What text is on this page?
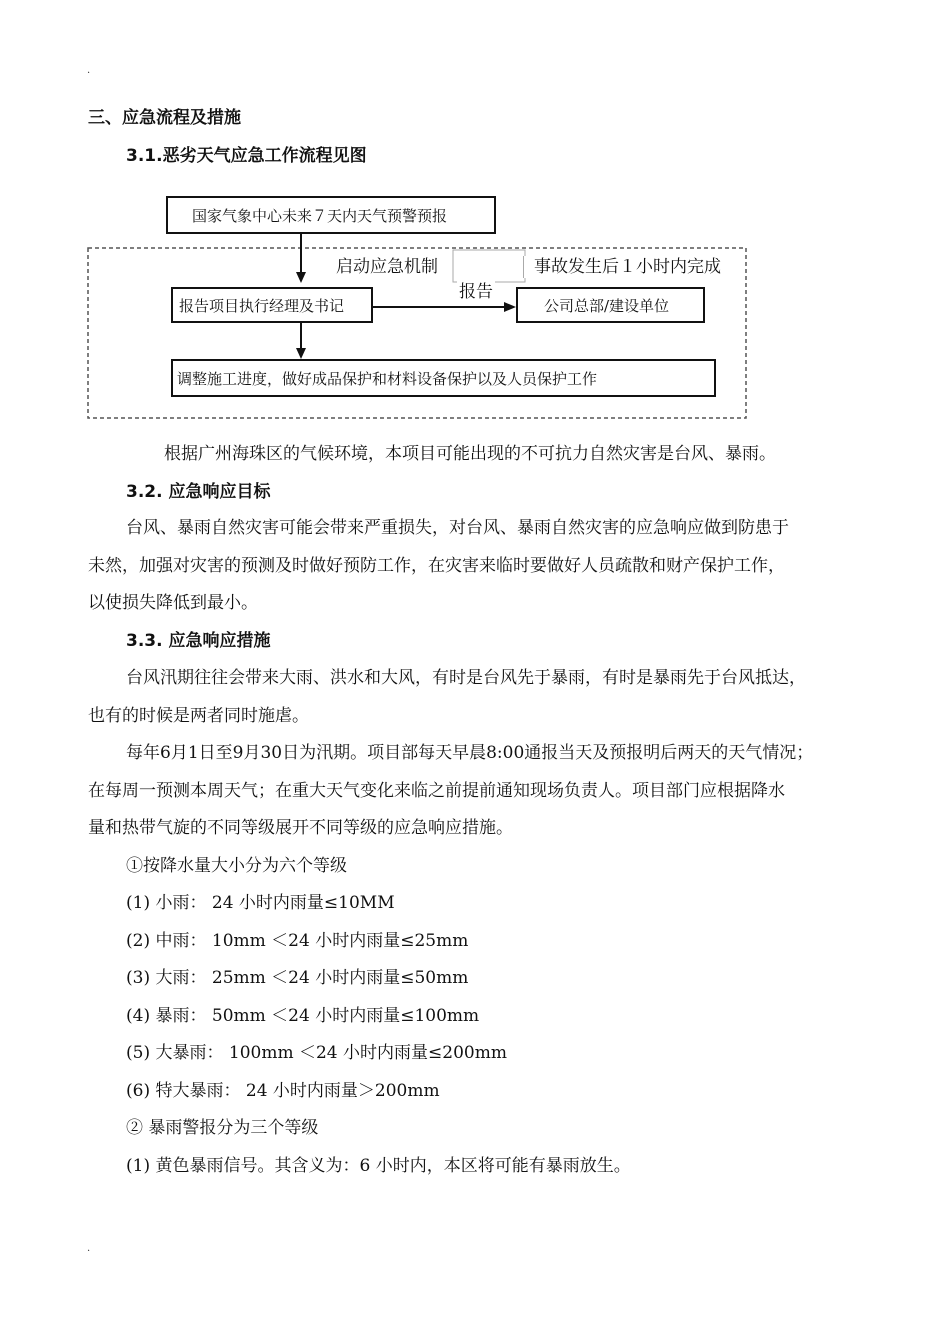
.
三、应急流程及措施
3.1.恶劣天气应急工作流程见图
国家气象中心未来７天内天气预警预报
启动应急机制	事故发生后１小时内完成
报告项目执行经理及书记
报告
公司总部/建设单位
调整施工进度，做好成品保护和材料设备保护以及人员保护工作
根据广州海珠区的气候环境，本项目可能出现的不可抗力自然灾害是台风、暴雨。
3.2. 应急响应目标
台风、暴雨自然灾害可能会带来严重损失，对台风、暴雨自然灾害的应急响应做到防患于
未然，加强对灾害的预测及时做好预防工作，在灾害来临时要做好人员疏散和财产保护工作，
以使损失降低到最小。
3.3. 应急响应措施
台风汛期往往会带来大雨、洪水和大风，有时是台风先于暴雨，有时是暴雨先于台风抵达，
也有的时候是两者同时施虐。
每年6月1日至9月30日为汛期。项目部每天早晨8:00通报当天及预报明后两天的天气情况；
在每周一预测本周天气；在重大天气变化来临之前提前通知现场负责人。项目部门应根据降水
量和热带气旋的不同等级展开不同等级的应急响应措施。
①按降水量大小分为六个等级
(1) 小雨： 24 小时内雨量≤10MM
(2) 中雨： 10mm ＜24 小时内雨量≤25mm
(3) 大雨： 25mm ＜24 小时内雨量≤50mm
(4) 暴雨： 50mm ＜24 小时内雨量≤100mm
(5) 大暴雨： 100mm ＜24 小时内雨量≤200mm
(6) 特大暴雨： 24 小时内雨量＞200mm
② 暴雨警报分为三个等级
(1) 黄色暴雨信号。其含义为：6 小时内，本区将可能有暴雨放生。
.
